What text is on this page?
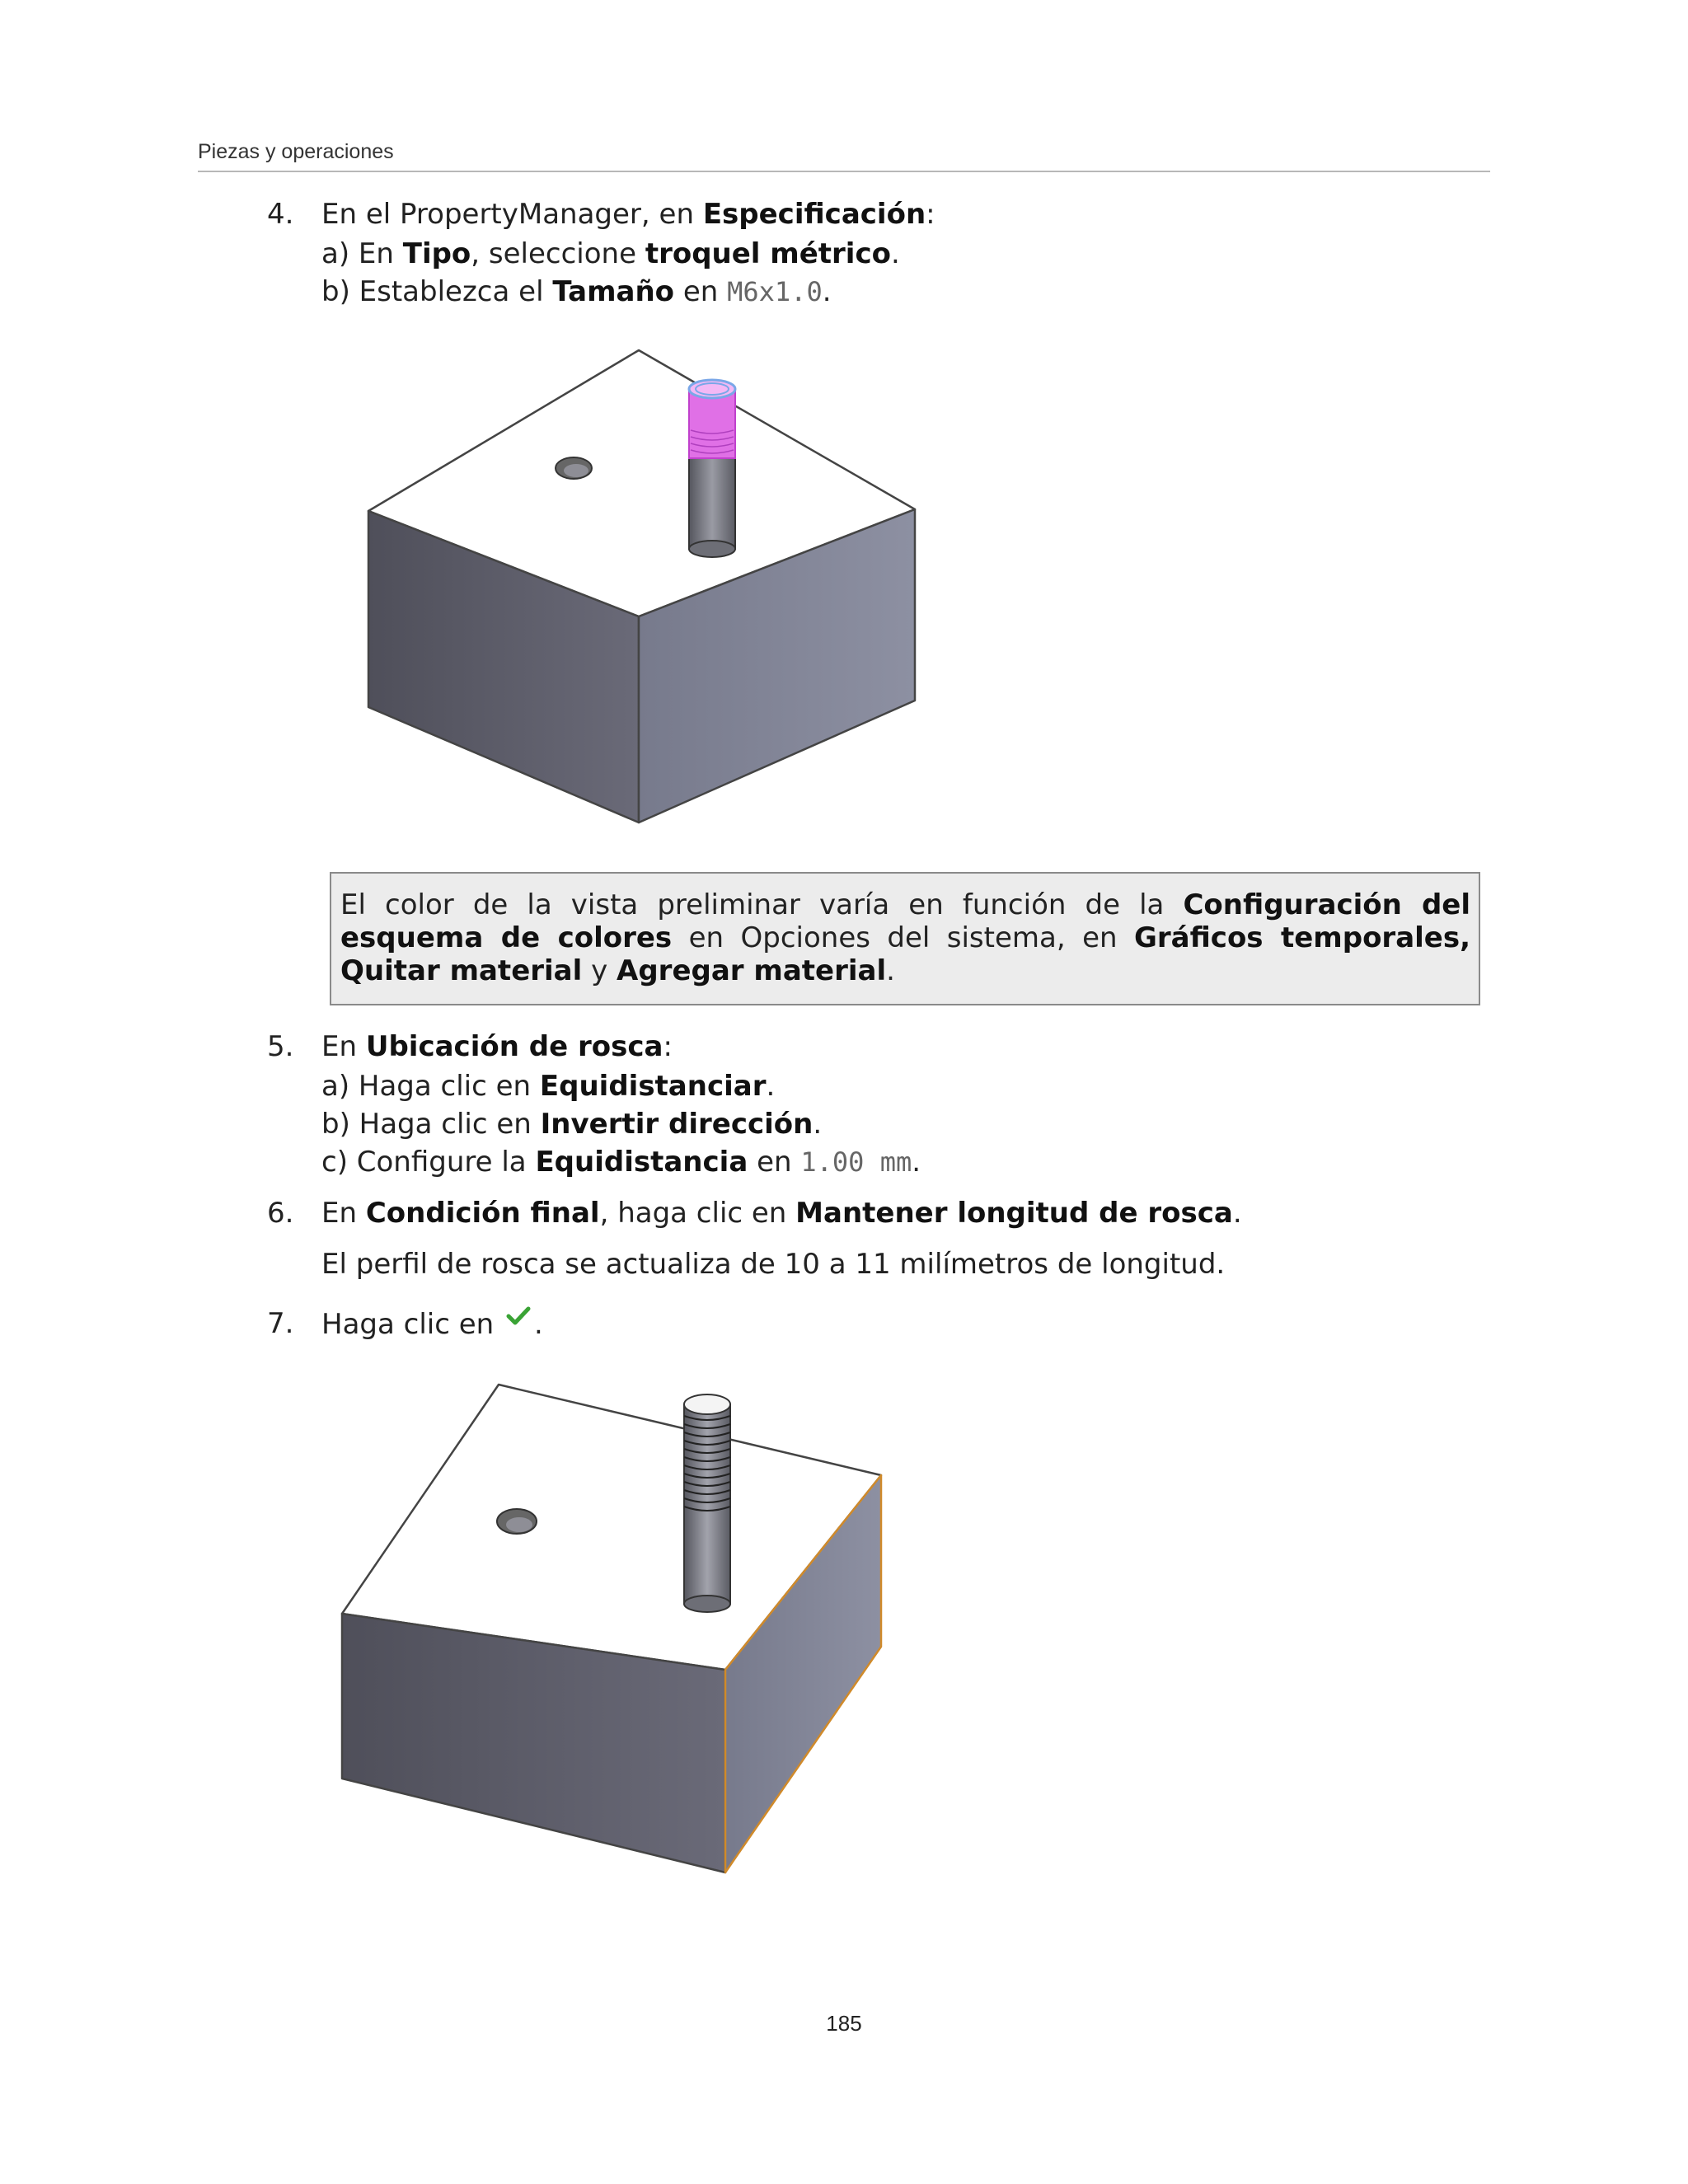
Piezas y operaciones
4. En el PropertyManager, en Especificación:
a) En Tipo, seleccione troquel métrico.
b) Establezca el Tamaño en M6x1.0.
El color de la vista preliminar varía en función de la Configuración del esquema de colores en Opciones del sistema, en Gráficos temporales, Quitar material y Agregar material.
5. En Ubicación de rosca:
a) Haga clic en Equidistanciar.
b) Haga clic en Invertir dirección.
c) Configure la Equidistancia en 1.00 mm.
6. En Condición final, haga clic en Mantener longitud de rosca.
El perfil de rosca se actualiza de 10 a 11 milímetros de longitud.
7. Haga clic en .
185
